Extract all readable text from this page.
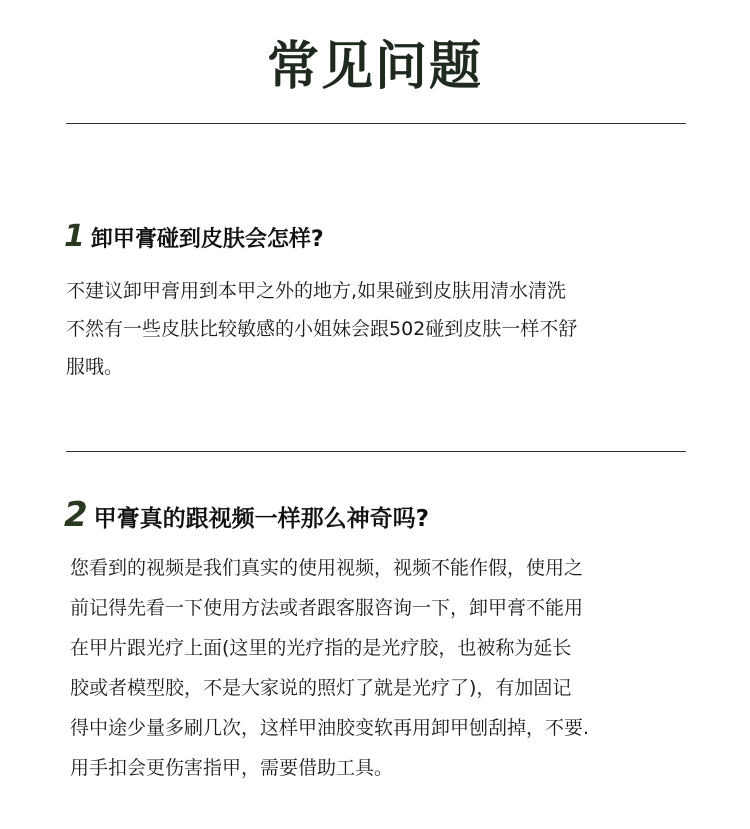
常见问题
1 卸甲膏碰到皮肤会怎样?

不建议卸甲膏用到本甲之外的地方,如果碰到皮肤用清水清洗
不然有一些皮肤比较敏感的小姐妹会跟502碰到皮肤一样不舒
服哦。

2 甲膏真的跟视频一样那么神奇吗?

您看到的视频是我们真实的使用视频，视频不能作假，使用之
前记得先看一下使用方法或者跟客服咨询一下，卸甲膏不能用
在甲片跟光疗上面(这里的光疗指的是光疗胶，也被称为延长
胶或者模型胶，不是大家说的照灯了就是光疗了)，有加固记
得中途少量多刷几次，这样甲油胶变软再用卸甲刨刮掉，不要.
用手扣会更伤害指甲，需要借助工具。
